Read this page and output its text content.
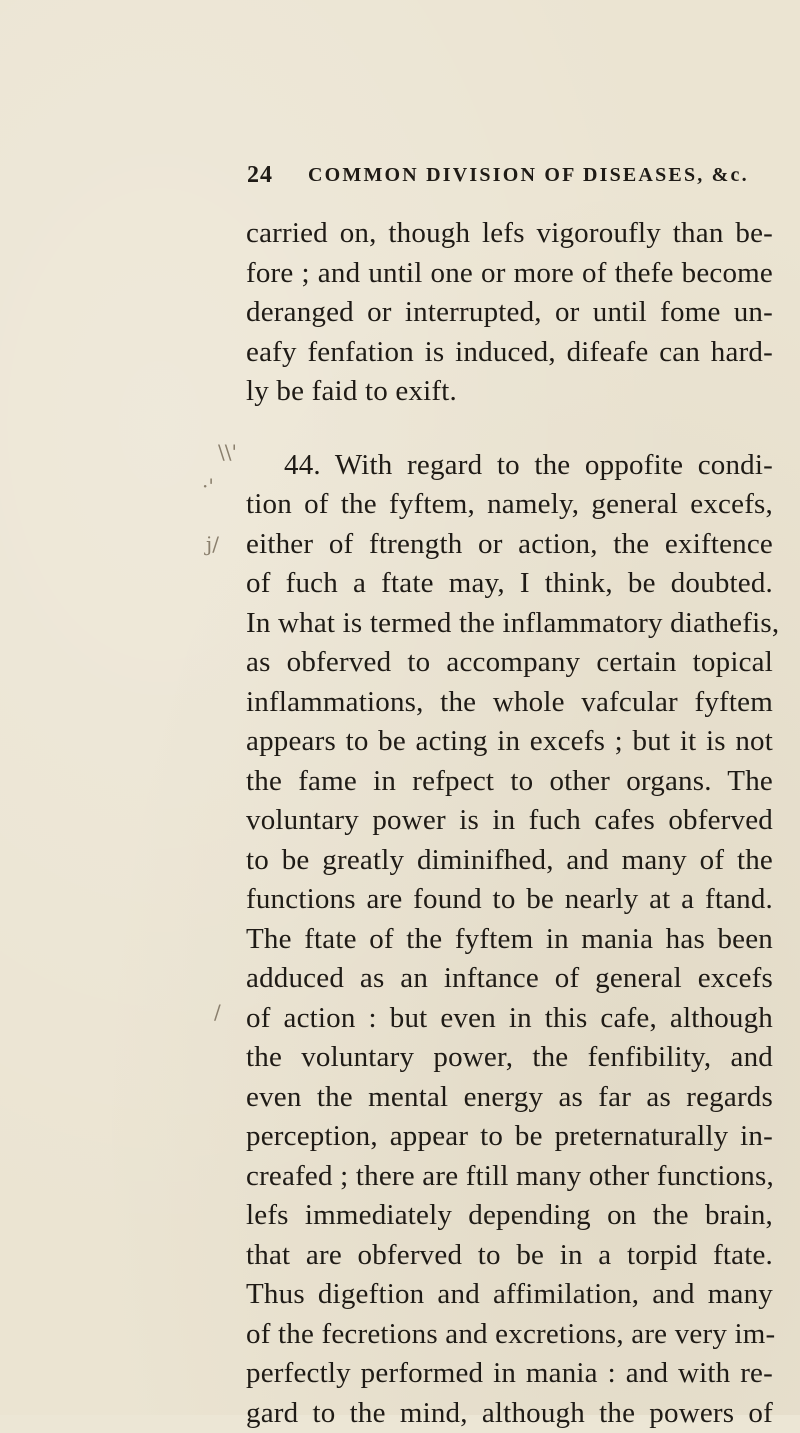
24 COMMON DIVISION OF DISEASES, &c.
carried on, though lefs vigoroufly than be-
fore ; and until one or more of thefe become
deranged or interrupted, or until fome un-
eafy fenfation is induced, difeafe can hard-
ly be faid to exift.
44. With regard to the oppofite condi-
tion of the fyftem, namely, general excefs,
either of ftrength or action, the exiftence
of fuch a ftate may, I think, be doubted.
In what is termed the inflammatory diathefis,
as obferved to accompany certain topical
inflammations, the whole vafcular fyftem
appears to be acting in excefs ; but it is not
the fame in refpect to other organs. The
voluntary power is in fuch cafes obferved
to be greatly diminifhed, and many of the
functions are found to be nearly at a ftand.
The ftate of the fyftem in mania has been
adduced as an inftance of general excefs
of action : but even in this cafe, although
the voluntary power, the fenfibility, and
even the mental energy as far as regards
perception, appear to be preternaturally in-
creafed ; there are ftill many other functions,
lefs immediately depending on the brain,
that are obferved to be in a torpid ftate.
Thus digeftion and affimilation, and many
of the fecretions and excretions, are very im-
perfectly performed in mania : and with re-
gard to the mind, although the powers of
\\'
·'
j/
/
